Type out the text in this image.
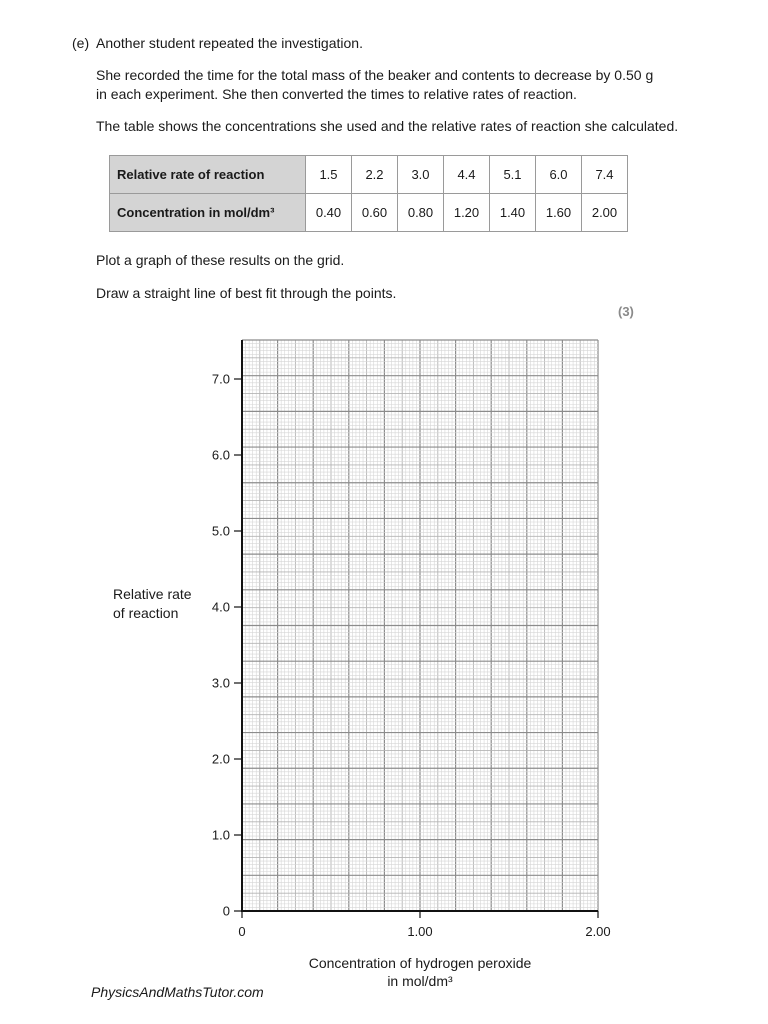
(e) Another student repeated the investigation.
She recorded the time for the total mass of the beaker and contents to decrease by 0.50 g
in each experiment. She then converted the times to relative rates of reaction.
The table shows the concentrations she used and the relative rates of reaction she calculated.
Relative rate of reaction	1.5	2.2	3.0	4.4	5.1	6.0	7.4
Concentration in mol/dm³	0.40	0.60	0.80	1.20	1.40	1.60	2.00
Plot a graph of these results on the grid.
Draw a straight line of best fit through the points.
(3)
0
1.0
2.0
3.0
4.0
5.0
6.0
7.0
0	1.00	2.00
Relative rate
of reaction
Concentration of hydrogen peroxide
in mol/dm³
PhysicsAndMathsTutor.com
